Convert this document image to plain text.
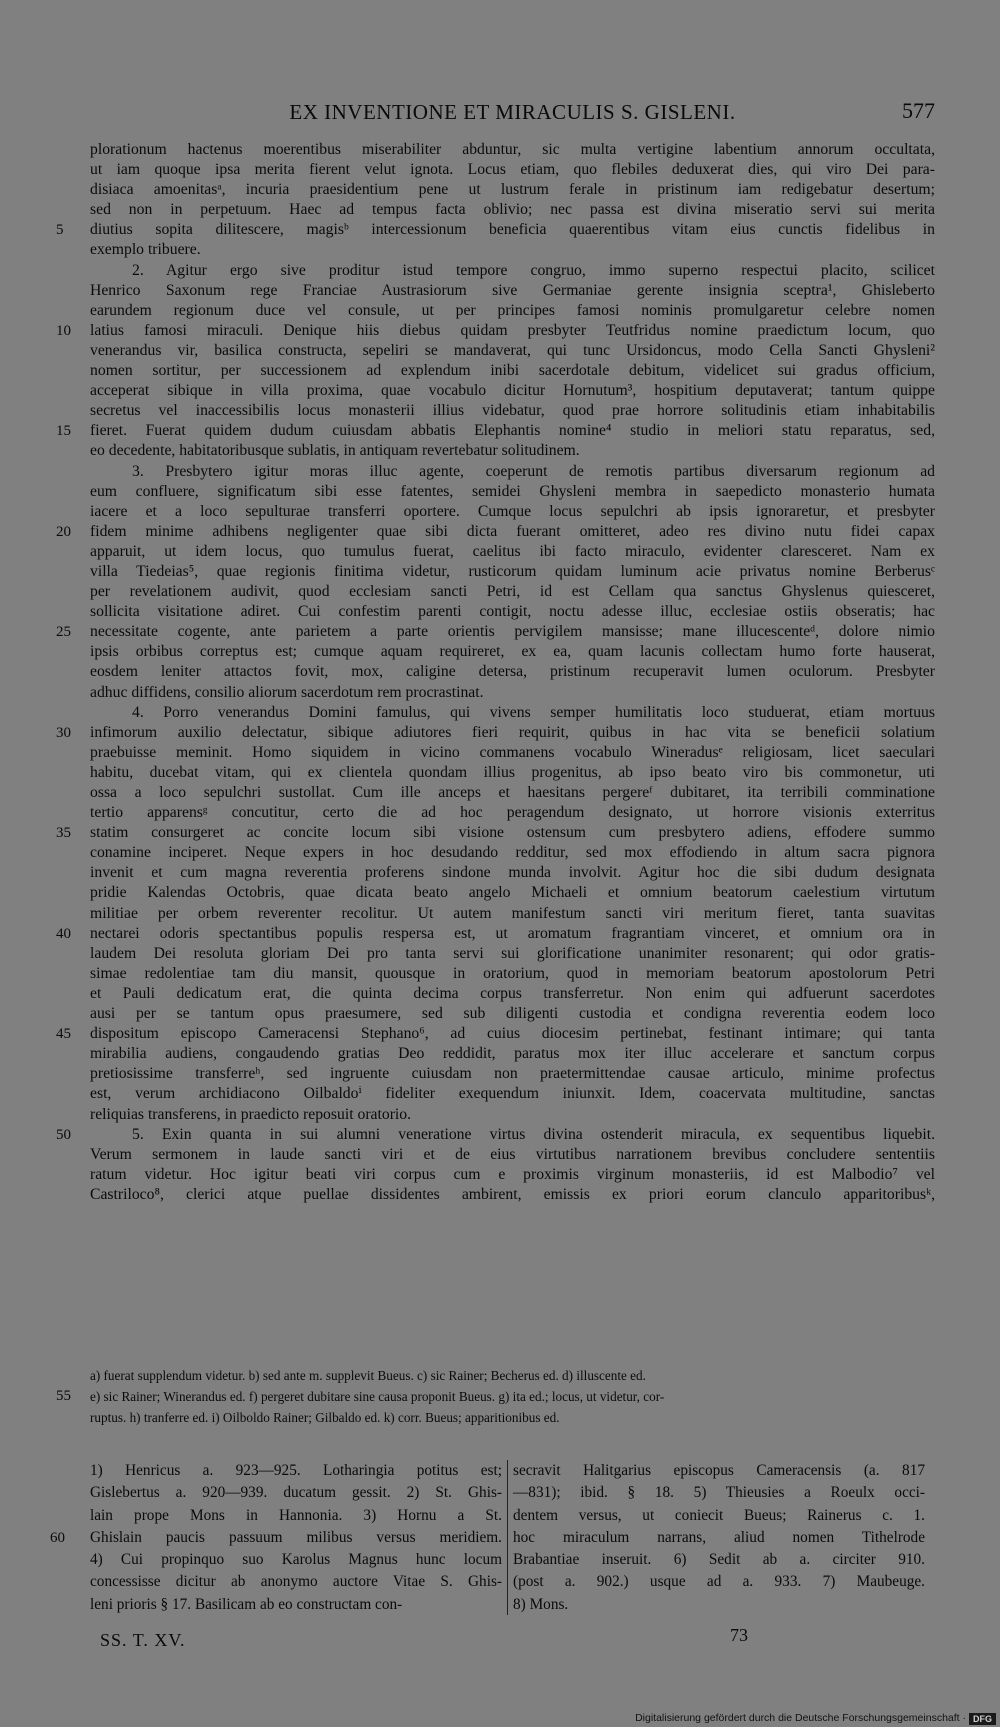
EX INVENTIONE ET MIRACULIS S. GISLENI.	577
plorationum hactenus moerentibus miserabiliter abduntur, sic multa vertigine labentium annorum occultata,
ut iam quoque ipsa merita fierent velut ignota. Locus etiam, quo flebiles deduxerat dies, qui viro Dei para-
disiaca amoenitasᵃ, incuria praesidentium pene ut lustrum ferale in pristinum iam redigebatur desertum;
sed non in perpetuum. Haec ad tempus facta oblivio; nec passa est divina miseratio servi sui merita
5 diutius sopita dilitescere, magisᵇ intercessionum beneficia quaerentibus vitam eius cunctis fidelibus in
exemplo tribuere.
2. Agitur ergo sive proditur istud tempore congruo, immo superno respectui placito, scilicet
Henrico Saxonum rege Franciae Austrasiorum sive Germaniae gerente insignia sceptra¹, Ghisleberto
earundem regionum duce vel consule, ut per principes famosi nominis promulgaretur celebre nomen
10 latius famosi miraculi. Denique hiis diebus quidam presbyter Teutfridus nomine praedictum locum, quo
venerandus vir, basilica constructa, sepeliri se mandaverat, qui tunc Ursidoncus, modo Cella Sancti Ghysleni²
nomen sortitur, per successionem ad explendum inibi sacerdotale debitum, videlicet sui gradus officium,
acceperat sibique in villa proxima, quae vocabulo dicitur Hornutum³, hospitium deputaverat; tantum quippe
secretus vel inaccessibilis locus monasterii illius videbatur, quod prae horrore solitudinis etiam inhabitabilis
15 fieret. Fuerat quidem dudum cuiusdam abbatis Elephantis nomine⁴ studio in meliori statu reparatus, sed,
eo decedente, habitatoribusque sublatis, in antiquam revertebatur solitudinem.
3. Presbytero igitur moras illuc agente, coeperunt de remotis partibus diversarum regionum ad
eum confluere, significatum sibi esse fatentes, semidei Ghysleni membra in saepedicto monasterio humata
iacere et a loco sepulturae transferri oportere. Cumque locus sepulchri ab ipsis ignoraretur, et presbyter
20 fidem minime adhibens negligenter quae sibi dicta fuerant omitteret, adeo res divino nutu fidei capax
apparuit, ut idem locus, quo tumulus fuerat, caelitus ibi facto miraculo, evidenter claresceret. Nam ex
villa Tiedeias⁵, quae regionis finitima videtur, rusticorum quidam luminum acie privatus nomine Berberusᶜ
per revelationem audivit, quod ecclesiam sancti Petri, id est Cellam qua sanctus Ghyslenus quiesceret,
sollicita visitatione adiret. Cui confestim parenti contigit, noctu adesse illuc, ecclesiae ostiis obseratis; hac
25 necessitate cogente, ante parietem a parte orientis pervigilem mansisse; mane illucescenteᵈ, dolore nimio
ipsis orbibus correptus est; cumque aquam requireret, ex ea, quam lacunis collectam humo forte hauserat,
eosdem leniter attactos fovit, mox, caligine detersa, pristinum recuperavit lumen oculorum. Presbyter
adhuc diffidens, consilio aliorum sacerdotum rem procrastinat.
4. Porro venerandus Domini famulus, qui vivens semper humilitatis loco studuerat, etiam mortuus
30 infimorum auxilio delectatur, sibique adiutores fieri requirit, quibus in hac vita se beneficii solatium
praebuisse meminit. Homo siquidem in vicino commanens vocabulo Wineradusᵉ religiosam, licet saeculari
habitu, ducebat vitam, qui ex clientela quondam illius progenitus, ab ipso beato viro bis commonetur, uti
ossa a loco sepulchri sustollat. Cum ille anceps et haesitans pergereᶠ dubitaret, ita terribili comminatione
tertio apparensᵍ concutitur, certo die ad hoc peragendum designato, ut horrore visionis exterritus
35 statim consurgeret ac concite locum sibi visione ostensum cum presbytero adiens, effodere summo
conamine inciperet. Neque expers in hoc desudando redditur, sed mox effodiendo in altum sacra pignora
invenit et cum magna reverentia proferens sindone munda involvit. Agitur hoc die sibi dudum designata
pridie Kalendas Octobris, quae dicata beato angelo Michaeli et omnium beatorum caelestium virtutum
militiae per orbem reverenter recolitur. Ut autem manifestum sancti viri meritum fieret, tanta suavitas
40 nectarei odoris spectantibus populis respersa est, ut aromatum fragrantiam vinceret, et omnium ora in
laudem Dei resoluta gloriam Dei pro tanta servi sui glorificatione unanimiter resonarent; qui odor gratis-
simae redolentiae tam diu mansit, quousque in oratorium, quod in memoriam beatorum apostolorum Petri
et Pauli dedicatum erat, die quinta decima corpus transferretur. Non enim qui adfuerunt sacerdotes
ausi per se tantum opus praesumere, sed sub diligenti custodia et condigna reverentia eodem loco
45 dispositum episcopo Cameracensi Stephano⁶, ad cuius diocesim pertinebat, festinant intimare; qui tanta
mirabilia audiens, congaudendo gratias Deo reddidit, paratus mox iter illuc accelerare et sanctum corpus
pretiosissime transferreʰ, sed ingruente cuiusdam non praetermittendae causae articulo, minime profectus
est, verum archidiacono Oilbaldoⁱ fideliter exequendum iniunxit. Idem, coacervata multitudine, sanctas
reliquias transferens, in praedicto reposuit oratorio.
50	5. Exin quanta in sui alumni veneratione virtus divina ostenderit miracula, ex sequentibus liquebit.
Verum sermonem in laude sancti viri et de eius virtutibus narrationem brevibus concludere sententiis
ratum videtur. Hoc igitur beati viri corpus cum e proximis virginum monasteriis, id est Malbodio⁷ vel
Castriloco⁸, clerici atque puellae dissidentes ambirent, emissis ex priori eorum clanculo apparitoribusᵏ,
a) fuerat supplendum videtur. b) sed ante m. supplevit Bueus. c) sic Rainer; Becherus ed. d) illuscente ed.
55 e) sic Rainer; Winerandus ed. f) pergeret dubitare sine causa proponit Bueus. g) ita ed.; locus, ut videtur, cor-
ruptus. h) tranferre ed. i) Oilboldo Rainer; Gilbaldo ed. k) corr. Bueus; apparitionibus ed.
1) Henricus a. 923—925. Lotharingia potitus est;
Gislebertus a. 920—939. ducatum gessit. 2) St. Ghis-
lain prope Mons in Hannonia. 3) Hornu a St.
60 Ghislain paucis passuum milibus versus meridiem.
4) Cui propinquo suo Karolus Magnus hunc locum
concessisse dicitur ab anonymo auctore Vitae S. Ghis-
leni prioris § 17. Basilicam ab eo constructam con-
secravit Halitgarius episcopus Cameracensis (a. 817
—831); ibid. § 18. 5) Thieusies a Roeulx occi-
dentem versus, ut coniecit Bueus; Rainerus c. 1.
hoc miraculum narrans, aliud nomen Tithelrode
Brabantiae inseruit. 6) Sedit ab a. circiter 910.
(post a. 902.) usque ad a. 933. 7) Maubeuge.
8) Mons.
SS. T. XV.	73
Digitalisierung gefördert durch die Deutsche Forschungsgemeinschaft · DFG
